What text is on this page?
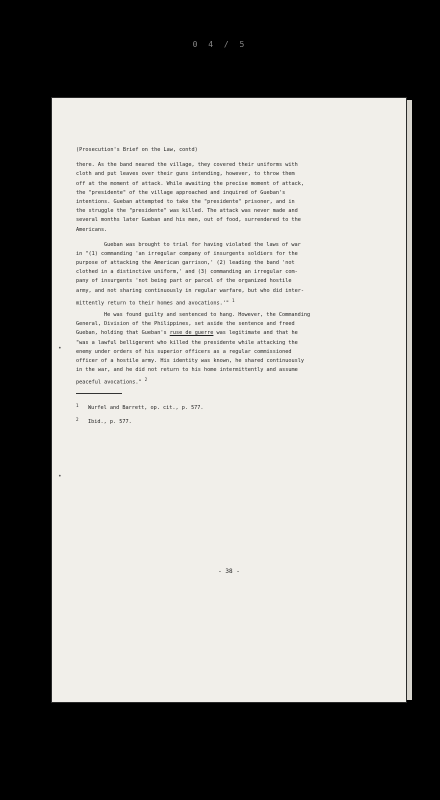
0 4 / 5
•
•
(Prosecution's Brief on the Law, contd)
there. As the band neared the village, they covered their uniforms with
cloth and put leaves over their guns intending, however, to throw them
off at the moment of attack. While awaiting the precise moment of attack,
the "presidente" of the village approached and inquired of Gueban's
intentions. Gueban attempted to take the "presidente" prisoner, and in
the struggle the "presidente" was killed. The attack was never made and
several months later Gueban and his men, out of food, surrendered to the
Americans.
Gueban was brought to trial for having violated the laws of war
in "(1) commanding 'an irregular company of insurgents soldiers for the
purpose of attacking the American garrison,' (2) leading the band 'not
clothed in a distinctive uniform,' and (3) commanding an irregular com-
pany of insurgents 'not being part or parcel of the organized hostile
army, and not sharing continuously in regular warfare, but who did inter-
mittently return to their homes and avocations.'" $^1$
He was found guilty and sentenced to hang. However, the Commanding
General, Division of the Philippines, set aside the sentence and freed
Gueban, holding that Gueban's ruse de guerre was legitimate and that he
"was a lawful belligerent who killed the presidente while attacking the
enemy under orders of his superior officers as a regular commissioned
officer of a hostile army. His identity was known, he shared continuously
in the war, and he did not return to his home intermittently and assume
peaceful avocations." $^2$
1 Wurfel and Barrett, op. cit., p. 577.
2 Ibid., p. 577.
- 38 -
